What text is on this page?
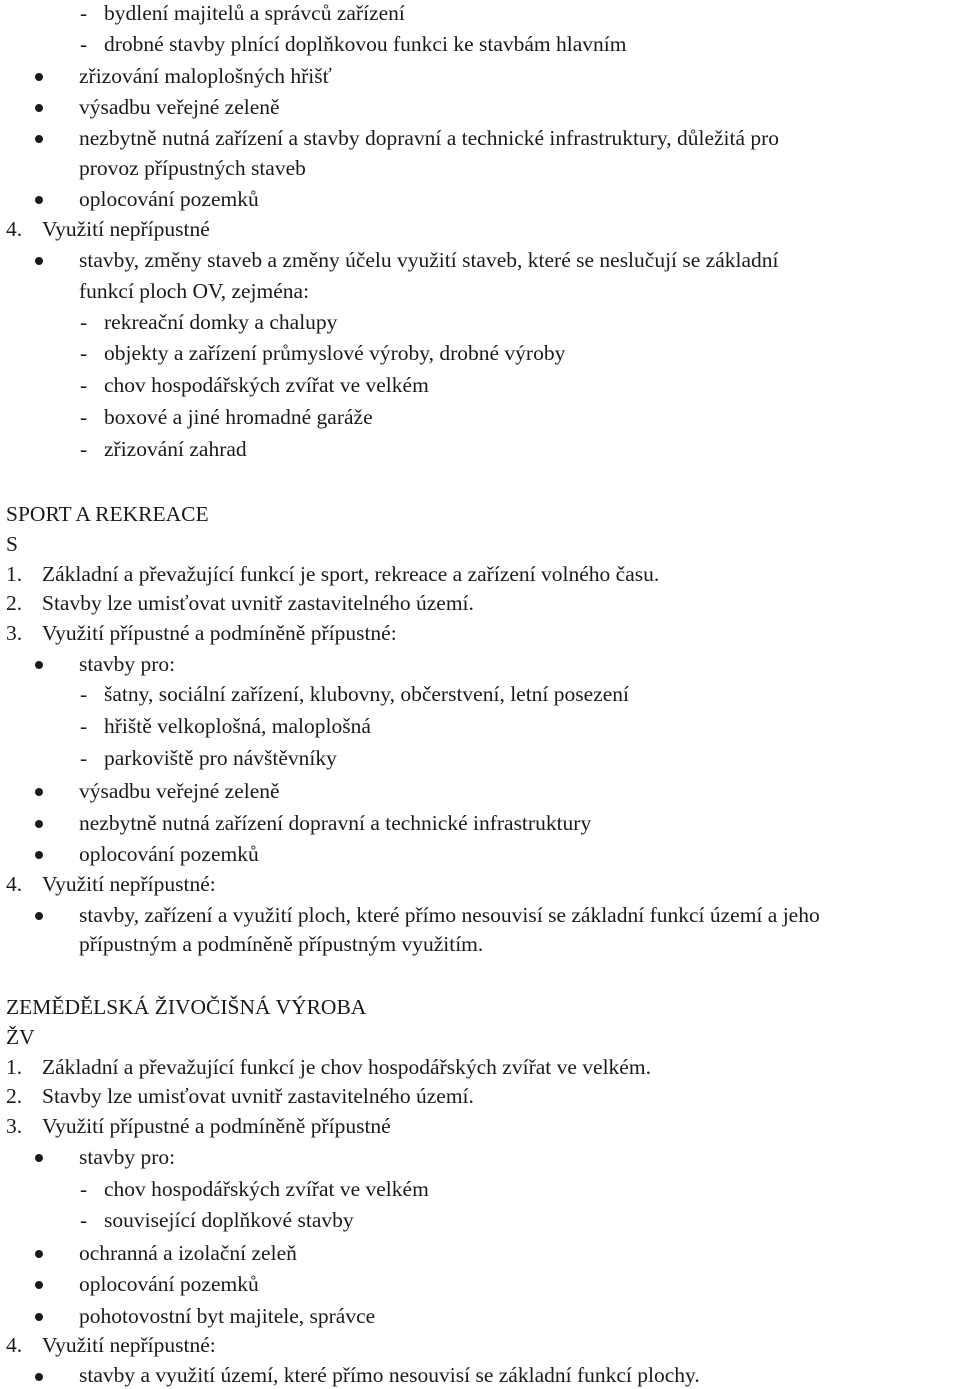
- bydlení majitelů a správců zařízení
- drobné stavby plnící doplňkovou funkci ke stavbám hlavním
zřizování maloplošných hřišť
výsadbu veřejné zeleně
nezbytně nutná zařízení a stavby dopravní a technické infrastruktury, důležitá pro
provoz přípustných staveb
oplocování pozemků
4. Využití nepřípustné
stavby, změny staveb a změny účelu využití staveb, které se neslučují se základní
funkcí ploch OV, zejména:
- rekreační domky a chalupy
- objekty a zařízení průmyslové výroby, drobné výroby
- chov hospodářských zvířat ve velkém
- boxové a jiné hromadné garáže
- zřizování zahrad
SPORT A REKREACE
S
1. Základní a převažující funkcí je sport, rekreace a zařízení volného času.
2. Stavby lze umisťovat uvnitř zastavitelného území.
3. Využití přípustné a podmíněně přípustné:
stavby pro:
- šatny, sociální zařízení, klubovny, občerstvení, letní posezení
- hřiště velkoplošná, maloplošná
- parkoviště pro návštěvníky
výsadbu veřejné zeleně
nezbytně nutná zařízení dopravní a technické infrastruktury
oplocování pozemků
4. Využití nepřípustné:
stavby, zařízení a využití ploch, které přímo nesouvisí se základní funkcí území a jeho
přípustným a podmíněně přípustným využitím.
ZEMĚDĚLSKÁ ŽIVOČIŠNÁ VÝROBA
ŽV
1. Základní a převažující funkcí je chov hospodářských zvířat ve velkém.
2. Stavby lze umisťovat uvnitř zastavitelného území.
3. Využití přípustné a podmíněně přípustné
stavby pro:
- chov hospodářských zvířat ve velkém
- související doplňkové stavby
ochranná a izolační zeleň
oplocování pozemků
pohotovostní byt majitele, správce
4. Využití nepřípustné:
stavby a využití území, které přímo nesouvisí se základní funkcí plochy.
